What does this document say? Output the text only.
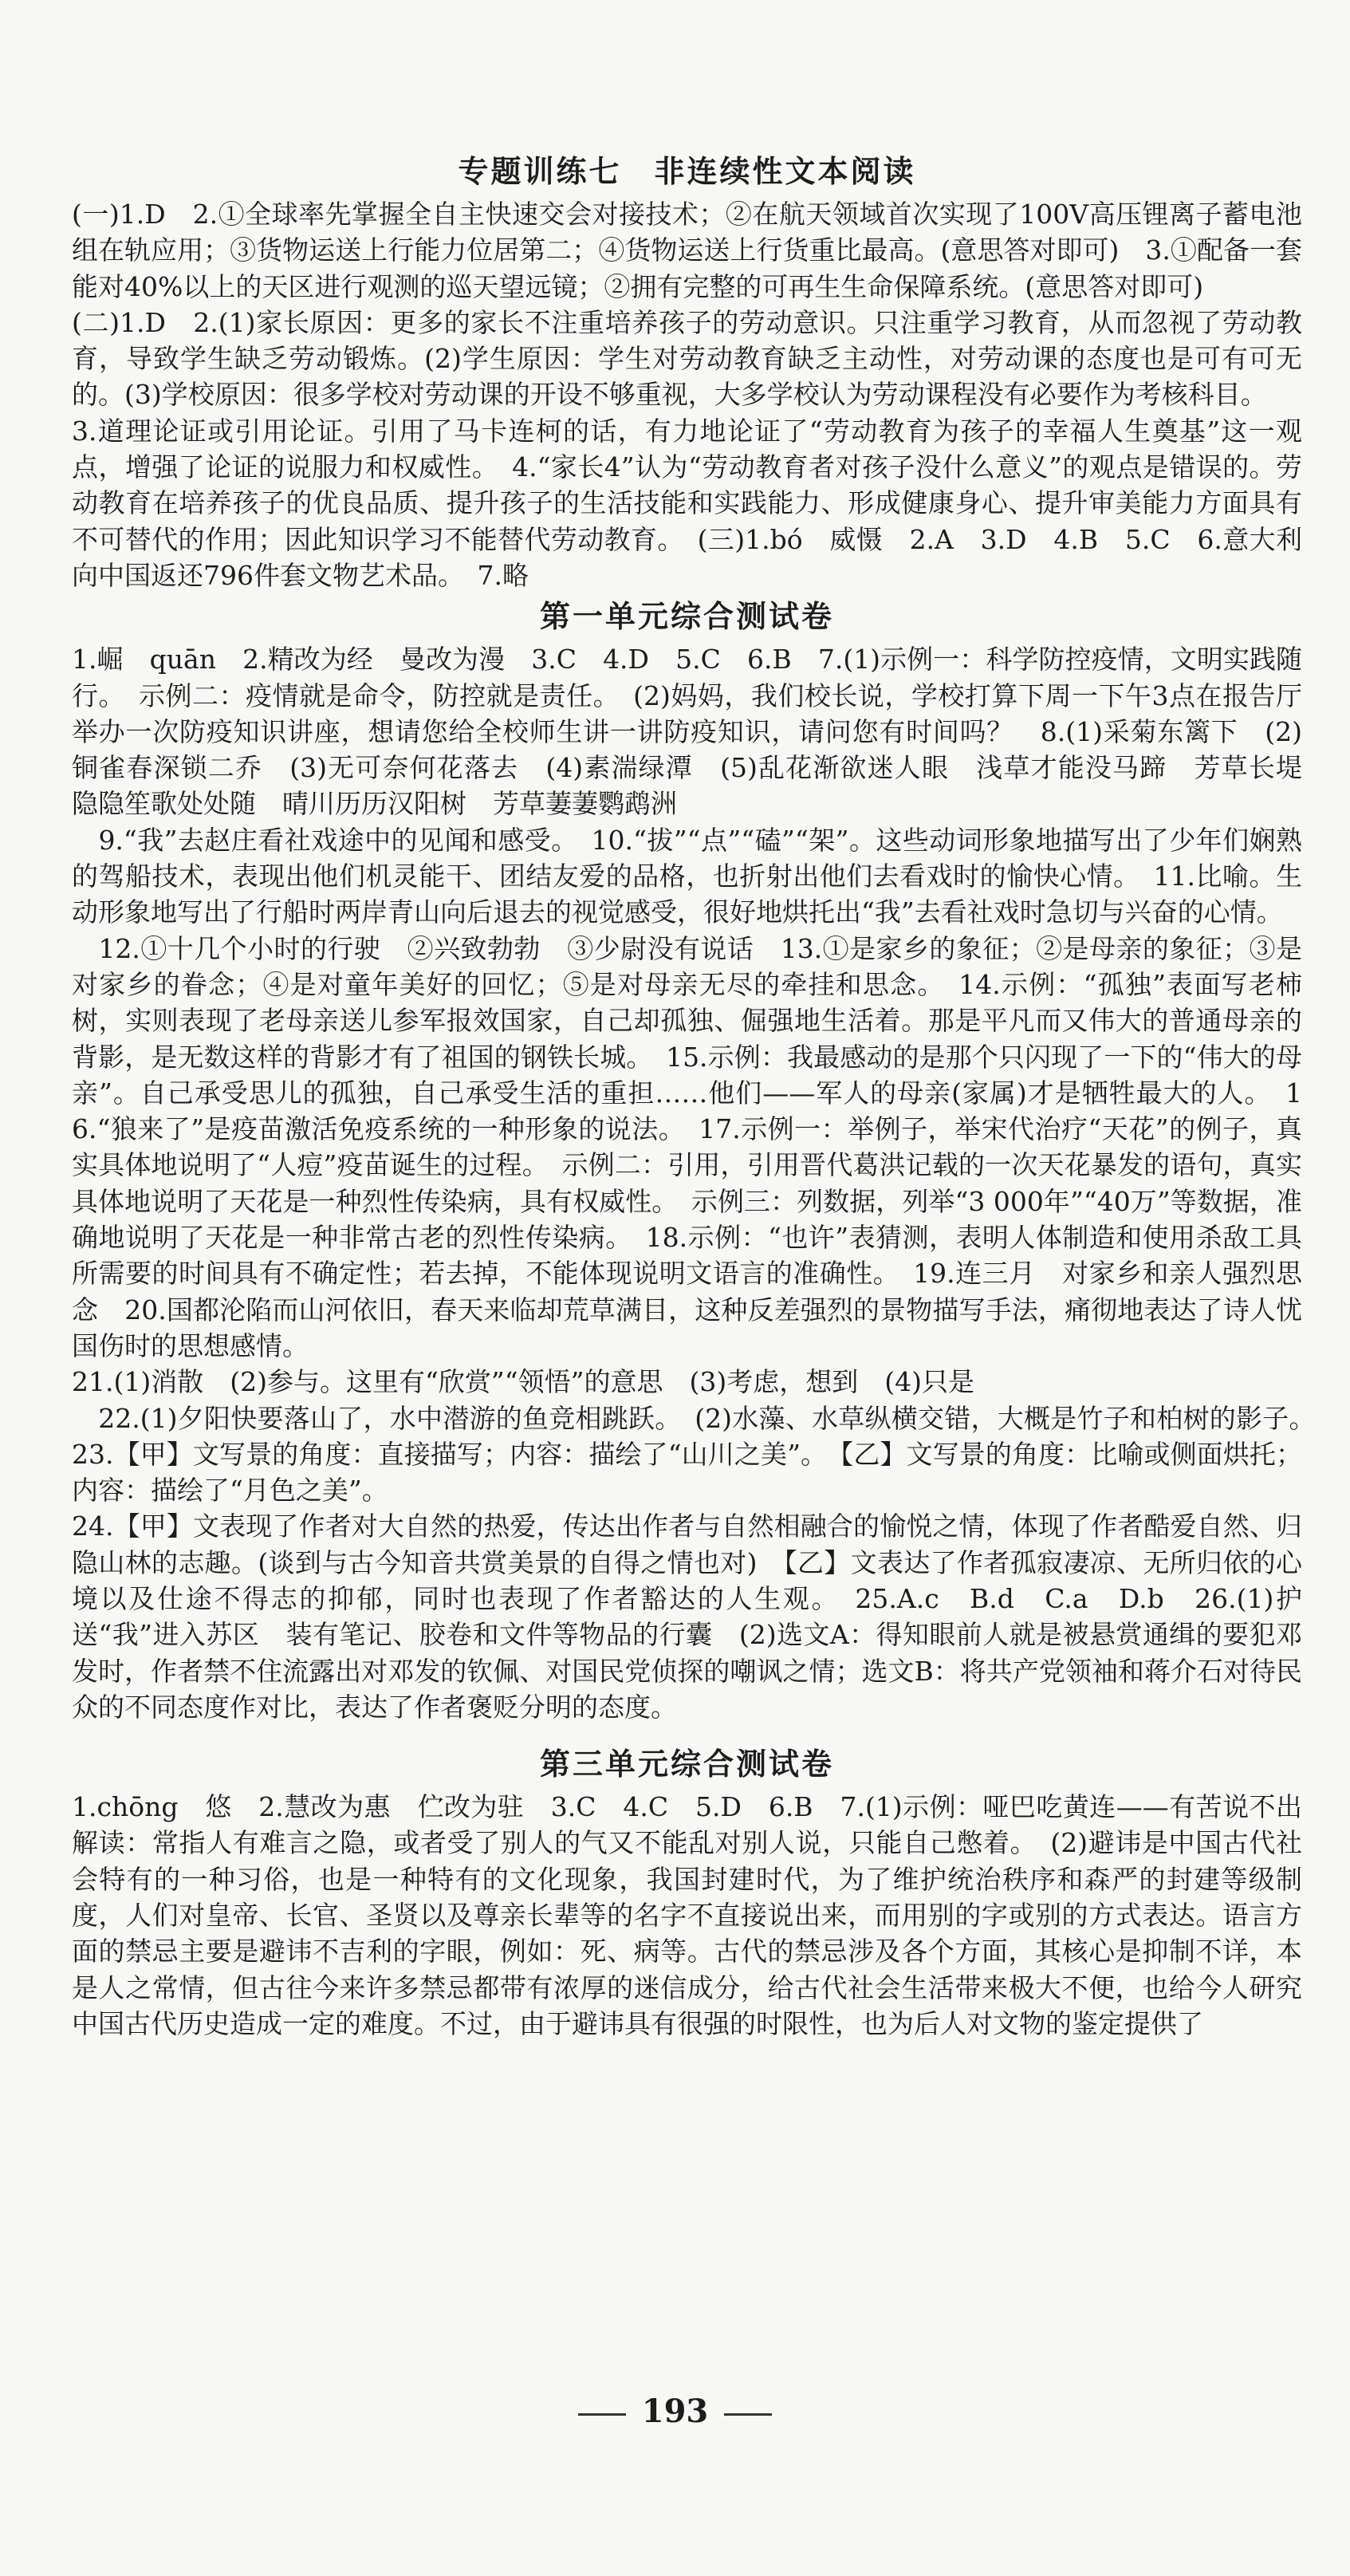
专题训练七　非连续性文本阅读

(一)1.D　2.①全球率先掌握全自主快速交会对接技术；②在航天领域首次实现了100V高压锂离子蓄电池组在轨应用；③货物运送上行能力位居第二；④货物运送上行货重比最高。(意思答对即可)　3.①配备一套能对40%以上的天区进行观测的巡天望远镜；②拥有完整的可再生生命保障系统。(意思答对即可)

(二)1.D　2.(1)家长原因：更多的家长不注重培养孩子的劳动意识。只注重学习教育，从而忽视了劳动教育，导致学生缺乏劳动锻炼。(2)学生原因：学生对劳动教育缺乏主动性，对劳动课的态度也是可有可无的。(3)学校原因：很多学校对劳动课的开设不够重视，大多学校认为劳动课程没有必要作为考核科目。

3.道理论证或引用论证。引用了马卡连柯的话，有力地论证了“劳动教育为孩子的幸福人生奠基”这一观点，增强了论证的说服力和权威性。　4.“家长4”认为“劳动教育者对孩子没什么意义”的观点是错误的。劳动教育在培养孩子的优良品质、提升孩子的生活技能和实践能力、形成健康身心、提升审美能力方面具有不可替代的作用；因此知识学习不能替代劳动教育。　(三)1.bó　威慑　2.A　3.D　4.B　5.C　6.意大利向中国返还796件套文物艺术品。　7.略

第一单元综合测试卷

1.崛　quān　2.精改为经　曼改为漫　3.C　4.D　5.C　6.B　7.(1)示例一：科学防控疫情，文明实践随行。　示例二：疫情就是命令，防控就是责任。　(2)妈妈，我们校长说，学校打算下周一下午3点在报告厅举办一次防疫知识讲座，想请您给全校师生讲一讲防疫知识，请问您有时间吗？　8.(1)采菊东篱下　(2)铜雀春深锁二乔　(3)无可奈何花落去　(4)素湍绿潭　(5)乱花渐欲迷人眼　浅草才能没马蹄　芳草长堤　隐隐笙歌处处随　晴川历历汉阳树　芳草萋萋鹦鹉洲

　9.“我”去赵庄看社戏途中的见闻和感受。　10.“拔”“点”“磕”“架”。这些动词形象地描写出了少年们娴熟的驾船技术，表现出他们机灵能干、团结友爱的品格，也折射出他们去看戏时的愉快心情。　11.比喻。生动形象地写出了行船时两岸青山向后退去的视觉感受，很好地烘托出“我”去看社戏时急切与兴奋的心情。

　12.①十几个小时的行驶　②兴致勃勃　③少尉没有说话　13.①是家乡的象征；②是母亲的象征；③是对家乡的眷念；④是对童年美好的回忆；⑤是对母亲无尽的牵挂和思念。　14.示例：“孤独”表面写老柿树，实则表现了老母亲送儿参军报效国家，自己却孤独、倔强地生活着。那是平凡而又伟大的普通母亲的背影，是无数这样的背影才有了祖国的钢铁长城。　15.示例：我最感动的是那个只闪现了一下的“伟大的母亲”。自己承受思儿的孤独，自己承受生活的重担……他们——军人的母亲(家属)才是牺牲最大的人。　16.“狼来了”是疫苗激活免疫系统的一种形象的说法。　17.示例一：举例子，举宋代治疗“天花”的例子，真实具体地说明了“人痘”疫苗诞生的过程。　示例二：引用，引用晋代葛洪记载的一次天花暴发的语句，真实具体地说明了天花是一种烈性传染病，具有权威性。　示例三：列数据，列举“3 000年”“40万”等数据，准确地说明了天花是一种非常古老的烈性传染病。　18.示例：“也许”表猜测，表明人体制造和使用杀敌工具所需要的时间具有不确定性；若去掉，不能体现说明文语言的准确性。　19.连三月　对家乡和亲人强烈思念　20.国都沦陷而山河依旧，春天来临却荒草满目，这种反差强烈的景物描写手法，痛彻地表达了诗人忧国伤时的思想感情。

21.(1)消散　(2)参与。这里有“欣赏”“领悟”的意思　(3)考虑，想到　(4)只是

　22.(1)夕阳快要落山了，水中潜游的鱼竞相跳跃。　(2)水藻、水草纵横交错，大概是竹子和柏树的影子。　23.【甲】文写景的角度：直接描写；内容：描绘了“山川之美”。　【乙】文写景的角度：比喻或侧面烘托；内容：描绘了“月色之美”。

24.【甲】文表现了作者对大自然的热爱，传达出作者与自然相融合的愉悦之情，体现了作者酷爱自然、归隐山林的志趣。(谈到与古今知音共赏美景的自得之情也对)　【乙】文表达了作者孤寂凄凉、无所归依的心境以及仕途不得志的抑郁，同时也表现了作者豁达的人生观。　25.A.c　B.d　C.a　D.b　26.(1)护送“我”进入苏区　装有笔记、胶卷和文件等物品的行囊　(2)选文A：得知眼前人就是被悬赏通缉的要犯邓发时，作者禁不住流露出对邓发的钦佩、对国民党侦探的嘲讽之情；选文B：将共产党领袖和蒋介石对待民众的不同态度作对比，表达了作者褒贬分明的态度。

第三单元综合测试卷

1.chōng　悠　2.慧改为惠　伫改为驻　3.C　4.C　5.D　6.B　7.(1)示例：哑巴吃黄连——有苦说不出　解读：常指人有难言之隐，或者受了别人的气又不能乱对别人说，只能自己憋着。　(2)避讳是中国古代社会特有的一种习俗，也是一种特有的文化现象，我国封建时代，为了维护统治秩序和森严的封建等级制度，人们对皇帝、长官、圣贤以及尊亲长辈等的名字不直接说出来，而用别的字或别的方式表达。语言方面的禁忌主要是避讳不吉利的字眼，例如：死、病等。古代的禁忌涉及各个方面，其核心是抑制不详，本是人之常情，但古往今来许多禁忌都带有浓厚的迷信成分，给古代社会生活带来极大不便，也给今人研究中国古代历史造成一定的难度。不过，由于避讳具有很强的时限性，也为后人对文物的鉴定提供了

193
